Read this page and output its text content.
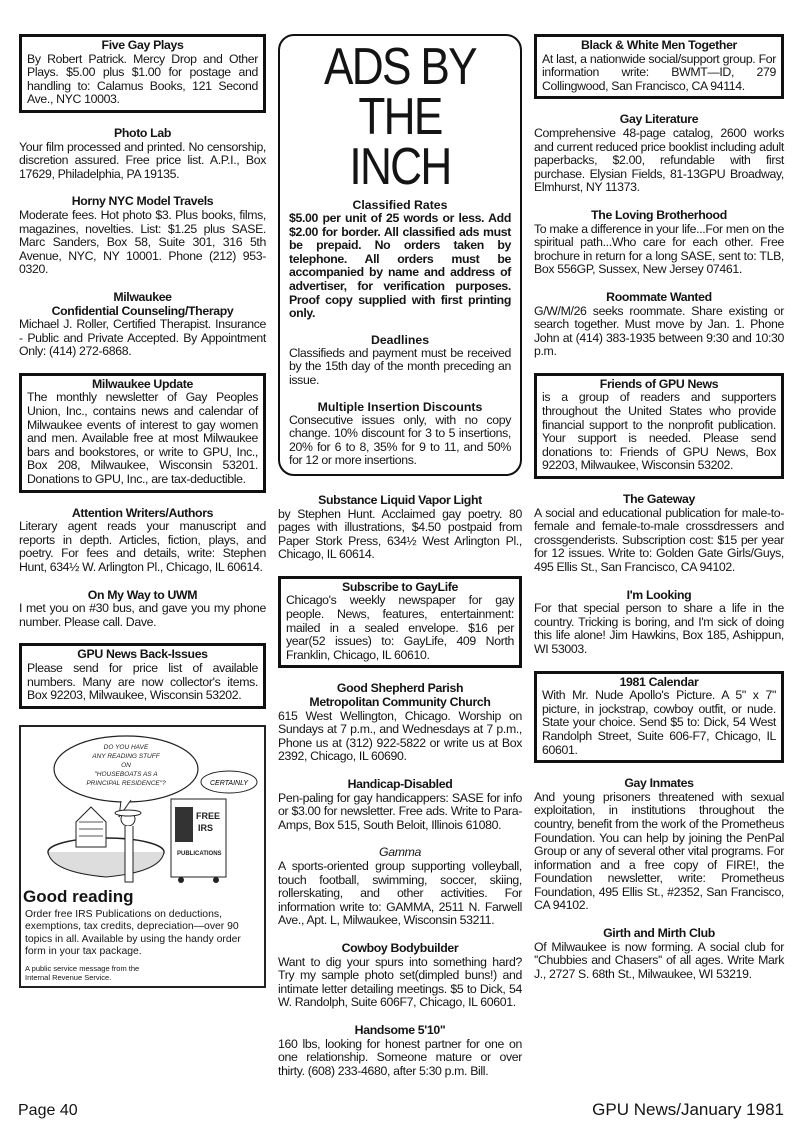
Five Gay Plays
By Robert Patrick. Mercy Drop and Other Plays. $5.00 plus $1.00 for postage and handling to: Calamus Books, 121 Second Ave., NYC 10003.
Photo Lab
Your film processed and printed. No censorship, discretion assured. Free price list. A.P.I., Box 17629, Philadelphia, PA 19135.
Horny NYC Model Travels
Moderate fees. Hot photo $3. Plus books, films, magazines, novelties. List: $1.25 plus SASE. Marc Sanders, Box 58, Suite 301, 316 5th Avenue, NYC, NY 10001. Phone (212) 953-0320.
Milwaukee
Confidential Counseling/Therapy
Michael J. Roller, Certified Therapist. Insurance - Public and Private Accepted. By Appointment Only: (414) 272-6868.
Milwaukee Update
The monthly newsletter of Gay Peoples Union, Inc., contains news and calendar of Milwaukee events of interest to gay women and men. Available free at most Milwaukee bars and bookstores, or write to GPU, Inc., Box 208, Milwaukee, Wisconsin 53201. Donations to GPU, Inc., are tax-deductible.
Attention Writers/Authors
Literary agent reads your manuscript and reports in depth. Articles, fiction, plays, and poetry. For fees and details, write: Stephen Hunt, 634½ W. Arlington Pl., Chicago, IL 60614.
On My Way to UWM
I met you on #30 bus, and gave you my phone number. Please call. Dave.
GPU News Back-Issues
Please send for price list of available numbers. Many are now collector's items. Box 92203, Milwaukee, Wisconsin 53202.
DO YOU HAVE
ANY READING STUFF
ON
"HOUSEBOATS AS A
PRINCIPAL RESIDENCE"?	CERTAINLY
FREE
IRS
PUBLICATIONS
Good reading
Order free IRS Publications on deductions, exemptions, tax credits, depreciation—over 90 topics in all. Available by using the handy order form in your tax package.
A public service message from the Internal Revenue Service.
ADS BY
THE INCH
Classified Rates

$5.00 per unit of 25 words or less. Add $2.00 for border. All classified ads must be prepaid. No orders taken by telephone. All orders must be accompanied by name and address of advertiser, for verification purposes. Proof copy supplied with first printing only.

Deadlines

Classifieds and payment must be received by the 15th day of the month preceding an issue.

Multiple Insertion Discounts

Consecutive issues only, with no copy change. 10% discount for 3 to 5 insertions, 20% for 6 to 8, 35% for 9 to 11, and 50% for 12 or more insertions.

Substance Liquid Vapor Light
by Stephen Hunt. Acclaimed gay poetry. 80 pages with illustrations, $4.50 postpaid from Paper Stork Press, 634½ West Arlington Pl., Chicago, IL 60614.
Subscribe to GayLife
Chicago's weekly newspaper for gay people. News, features, entertainment: mailed in a sealed envelope. $16 per year(52 issues) to: GayLife, 409 North Franklin, Chicago, IL 60610.
Good Shepherd Parish
Metropolitan Community Church
615 West Wellington, Chicago. Worship on Sundays at 7 p.m., and Wednesdays at 7 p.m., Phone us at (312) 922-5822 or write us at Box 2392, Chicago, IL 60690.
Handicap-Disabled
Pen-paling for gay handicappers: SASE for info or $3.00 for newsletter. Free ads. Write to Para-Amps, Box 515, South Beloit, Illinois 61080.
Gamma
A sports-oriented group supporting volleyball, touch football, swimming, soccer, skiing, rollerskating, and other activities. For information write to: GAMMA, 2511 N. Farwell Ave., Apt. L, Milwaukee, Wisconsin 53211.
Cowboy Bodybuilder
Want to dig your spurs into something hard? Try my sample photo set(dimpled buns!) and intimate letter detailing meetings. $5 to Dick, 54 W. Randolph, Suite 606F7, Chicago, IL 60601.
Handsome 5'10"
160 lbs, looking for honest partner for one on one relationship. Someone mature or over thirty. (608) 233-4680, after 5:30 p.m. Bill.
Black & White Men Together
At last, a nationwide social/support group. For information write: BWMT—ID, 279 Collingwood, San Francisco, CA 94114.
Gay Literature
Comprehensive 48-page catalog, 2600 works and current reduced price booklist including adult paperbacks, $2.00, refundable with first purchase. Elysian Fields, 81-13GPU Broadway, Elmhurst, NY 11373.
The Loving Brotherhood
To make a difference in your life...For men on the spiritual path...Who care for each other. Free brochure in return for a long SASE, sent to: TLB, Box 556GP, Sussex, New Jersey 07461.
Roommate Wanted
G/W/M/26 seeks roommate. Share existing or search together. Must move by Jan. 1. Phone John at (414) 383-1935 between 9:30 and 10:30 p.m.
Friends of GPU News
is a group of readers and supporters throughout the United States who provide financial support to the nonprofit publication. Your support is needed. Please send donations to: Friends of GPU News, Box 92203, Milwaukee, Wisconsin 53202.
The Gateway
A social and educational publication for male-to-female and female-to-male crossdressers and crossgenderists. Subscription cost: $15 per year for 12 issues. Write to: Golden Gate Girls/Guys, 495 Ellis St., San Francisco, CA 94102.
I'm Looking
For that special person to share a life in the country. Tricking is boring, and I'm sick of doing this life alone! Jim Hawkins, Box 185, Ashippun, WI 53003.
1981 Calendar
With Mr. Nude Apollo's Picture. A 5" x 7" picture, in jockstrap, cowboy outfit, or nude. State your choice. Send $5 to: Dick, 54 West Randolph Street, Suite 606-F7, Chicago, IL 60601.
Gay Inmates
And young prisoners threatened with sexual exploitation, in institutions throughout the country, benefit from the work of the Prometheus Foundation. You can help by joining the PenPal Group or any of several other vital programs. For information and a free copy of FIRE!, the Foundation newsletter, write: Prometheus Foundation, 495 Ellis St., #2352, San Francisco, CA 94102.
Girth and Mirth Club
Of Milwaukee is now forming. A social club for ''Chubbies and Chasers'' of all ages. Write Mark J., 2727 S. 68th St., Milwaukee, WI 53219.
Page 40	GPU News/January 1981
